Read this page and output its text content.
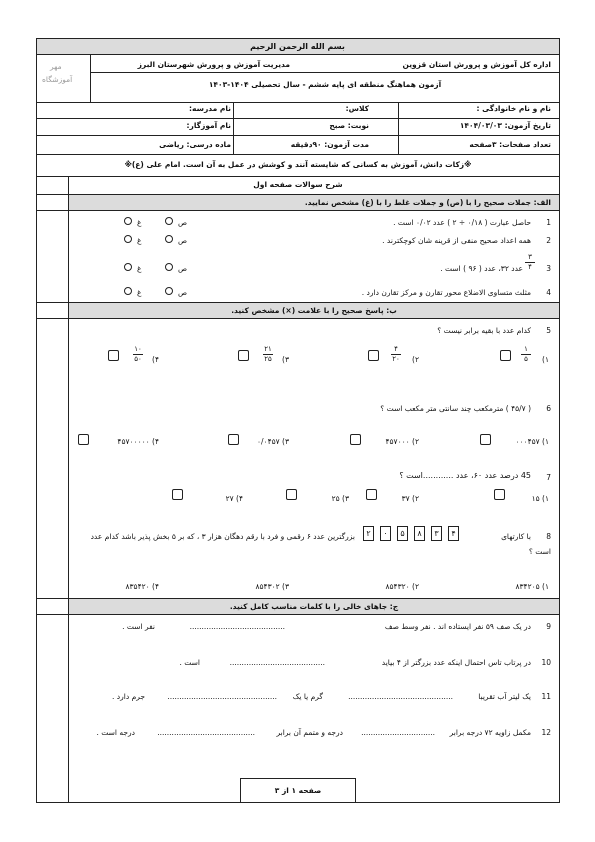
بسم الله الرحمن الرحیم
مهر
آموزشگاه
اداره کل آموزش و پرورش استان قزوین
مدیریت آموزش و پرورش شهرستان البرز
آزمون هماهنگ منطقه ای پایه ششم - سال تحصیلی ۱۴۰۴-۱۴۰۳
نام و نام خانوادگی :
کلاس:
نام مدرسه:
تاریخ آزمون: ۱۴۰۴/۰۳/۰۳
نوبت: صبح
نام آموزگار:
تعداد صفحات: ۳صفحه
مدت آزمون: ۹۰دقیقه
ماده درسی: ریاضی
※زکات دانش، آموزش به کسانی که شایسته آنند و کوشش در عمل به آن است. امام علی (ع)※
شرح سوالات صفحه اول
الف: جملات صحیح را با (ص) و جملات غلط را با (غ) مشخص نمایید.
1
حاصل عبارت ( ۰/۱۸ ÷ ۲ ) عدد ۰/۰۲ است .
ص
غ
2
همه اعداد صحیح منفی از قرینه شان کوچکترند .
ص
غ
3
عدد ۳۲، عدد ( ۹۶ ) است .
۳
۴
ص
غ
4
مثلث متساوی الاضلاع محور تقارن و مرکز تقارن دارد .
ص
غ
ب: پاسخ صحیح را با علامت (×) مشخص کنید.
5
کدام عدد با بقیه برابر نیست ؟
۱)
۱
۵
۲)
۴
۲۰
۳)
۲۱
۲۵
۴)
۱۰
۵۰
6
( ۴۵/۷ ) مترمکعب چند سانتی متر مکعب است ؟
۱) ۰۰۰۴۵۷
۲) ۴۵۷۰۰۰
۳) ۰/۰۴۵۷
۴) ۴۵۷۰۰۰۰۰
7
45 درصد عدد ۶۰، عدد ............است ؟
۱) ۱۵
۲) ۳۷
۳) ۲۵
۴) ۲۷
8
با کارتهای
۴
۳
۸
۵
۰
۲
بزرگترین عدد ۶ رقمی و فرد با رقم دهگان هزار ۳ ، که بر ۵ بخش پذیر باشد کدام عدد
است ؟
۱) ۸۳۴۲۰۵
۲) ۸۵۴۳۲۰
۳) ۸۵۴۳۰۲
۴) ۸۳۵۴۲۰
ج: جاهای خالی را با کلمات مناسب کامل کنید.
9
در یک صف ۵۹ نفر ایستاده اند . نفر وسط صف
........................................
نفر است .
10
در پرتاب تاس احتمال اینکه عدد بزرگتر از ۴ بیاید
........................................
است .
11
یک لیتر آب تقریبا
............................................
گرم یا یک
..............................................
جرم دارد .
12
مکمل زاویه ۷۲ درجه برابر
...............................
درجه و متمم آن برابر
.........................................
درجه است .
صفحه ۱ از ۳
